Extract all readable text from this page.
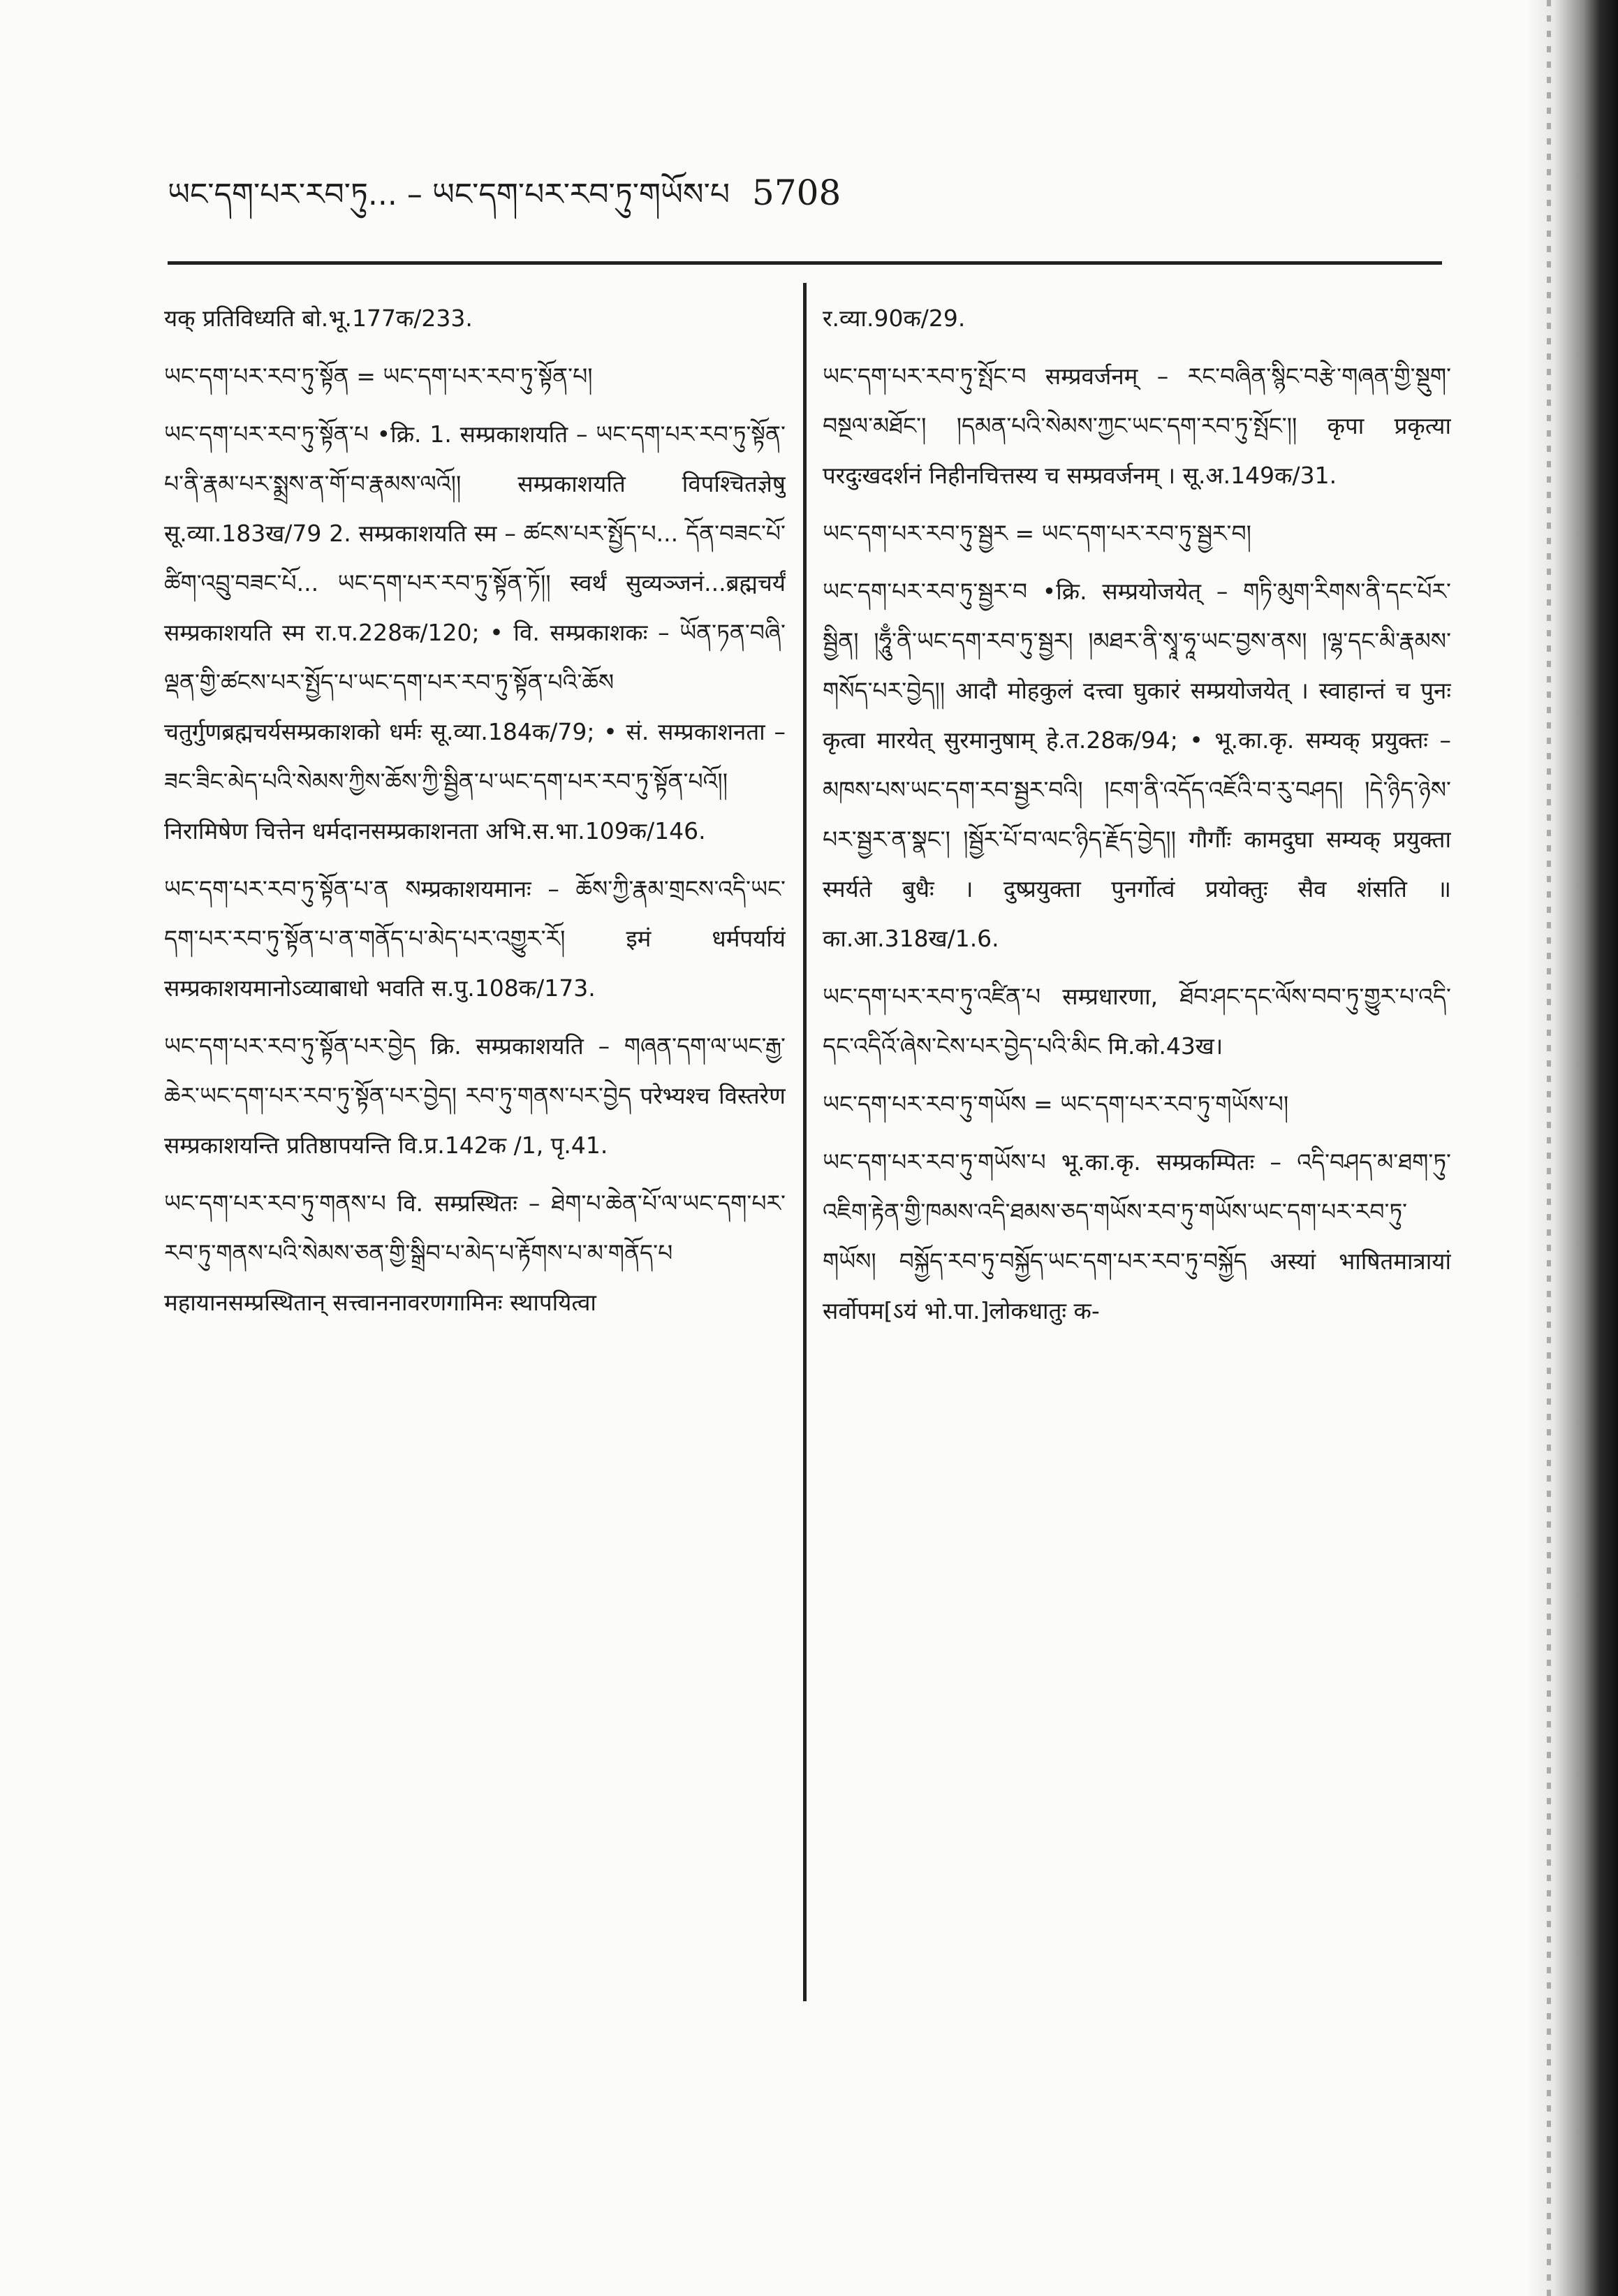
ཡང་དག་པར་རབ་ཏུ... – ཡང་དག་པར་རབ་ཏུ་གཡོས་པ 5708

यक् प्रतिविध्यति बो.भू.177क/233.

ཡང་དག་པར་རབ་ཏུ་སྟོན = ཡང་དག་པར་རབ་ཏུ་སྟོན་པ།

ཡང་དག་པར་རབ་ཏུ་སྟོན་པ •क्रि. 1. सम्प्रकाशयति – ཡང་དག་པར་རབ་ཏུ་སྟོན་པ་ནི་རྣམ་པར་སྨྲས་ན་གོ་བ་རྣམས་ལའོ།། सम्प्रकाशयति विपश्चितज्ञेषु सू.व्या.183ख/79 2. सम्प्रकाशयति स्म – ཚངས་པར་སྤྱོད་པ... དོན་བཟང་པོ་ཚིག་འབྲུ་བཟང་པོ... ཡང་དག་པར་རབ་ཏུ་སྟོན་ཏོ།། स्वर्थं सुव्यञ्जनं...ब्रह्मचर्यं सम्प्रकाशयति स्म रा.प.228क/120; • वि. सम्प्रकाशकः – ཡོན་ཏན་བཞི་ལྡན་གྱི་ཚངས་པར་སྤྱོད་པ་ཡང་དག་པར་རབ་ཏུ་སྟོན་པའི་ཆོས चतुर्गुणब्रह्मचर्यसम्प्रकाशको धर्मः सू.व्या.184क/79; • सं. सम्प्रकाशनता – ཟང་ཟིང་མེད་པའི་སེམས་ཀྱིས་ཆོས་ཀྱི་སྦྱིན་པ་ཡང་དག་པར་རབ་ཏུ་སྟོན་པའོ།། निरामिषेण चित्तेन धर्मदानसम्प्रकाशनता अभि.स.भा.109क/146.

ཡང་དག་པར་རབ་ཏུ་སྟོན་པ་ན སम्प्रकाशयमानः – ཆོས་ཀྱི་རྣམ་གྲངས་འདི་ཡང་དག་པར་རབ་ཏུ་སྟོན་པ་ན་གནོད་པ་མེད་པར་འགྱུར་རོ། इमं धर्मपर्यायं सम्प्रकाशयमानोऽव्याबाधो भवति स.पु.108क/173.

ཡང་དག་པར་རབ་ཏུ་སྟོན་པར་བྱེད क्रि. सम्प्रकाशयति – གཞན་དག་ལ་ཡང་རྒྱ་ཆེར་ཡང་དག་པར་རབ་ཏུ་སྟོན་པར་བྱེད། རབ་ཏུ་གནས་པར་བྱེད परेभ्यश्च विस्तरेण सम्प्रकाशयन्ति प्रतिष्ठापयन्ति वि.प्र.142क /1, पृ.41.

ཡང་དག་པར་རབ་ཏུ་གནས་པ वि. सम्प्रस्थितः – ཐེག་པ་ཆེན་པོ་ལ་ཡང་དག་པར་རབ་ཏུ་གནས་པའི་སེམས་ཅན་གྱི་སྒྲིབ་པ་མེད་པ་རྟོགས་པ་མ་གནོད་པ महायानसम्प्रस्थितान् सत्त्वाननावरणगामिनः स्थापयित्वा

र.व्या.90क/29.

ཡང་དག་པར་རབ་ཏུ་སྤོང་བ सम्प्रवर्जनम् – རང་བཞིན་སྙིང་བརྩེ་གཞན་གྱི་སྡུག་བསྔལ་མཐོང་། །དམན་པའི་སེམས་ཀྱང་ཡང་དག་རབ་ཏུ་སྤོང་།། कृपा प्रकृत्या परदुःखदर्शनं निहीनचित्तस्य च सम्प्रवर्जनम् । सू.अ.149क/31.

ཡང་དག་པར་རབ་ཏུ་སྦྱར = ཡང་དག་པར་རབ་ཏུ་སྦྱར་བ།

ཡང་དག་པར་རབ་ཏུ་སྦྱར་བ •क्रि. सम्प्रयोजयेत् – གཏི་མུག་རིགས་ནི་དང་པོར་སྦྱིན། །ཧཱུྃ་ནི་ཡང་དག་རབ་ཏུ་སྦྱར། །མཐར་ནི་སྭཱ་ཧཱ་ཡང་བྱས་ནས། །ལྷ་དང་མི་རྣམས་གསོད་པར་བྱེད།། आदौ मोहकुलं दत्त्वा घुकारं सम्प्रयोजयेत् । स्वाहान्तं च पुनः कृत्वा मारयेत् सुरमानुषाम् हे.त.28क/94; • भू.का.कृ. सम्यक् प्रयुक्तः – མཁས་པས་ཡང་དག་རབ་སྦྱར་བའི། །ངག་ནི་འདོད་འཇོའི་བ་རུ་བཤད། །དེ་ཉིད་ཉེས་པར་སྦྱར་ན་སྣང་། །སྦྱོར་པོ་བ་ལང་ཉིད་རྗོད་བྱེད།། गौर्गौः कामदुघा सम्यक् प्रयुक्ता स्मर्यते बुधैः । दुष्प्रयुक्ता पुनर्गोत्वं प्रयोक्तुः सैव शंसति ॥ का.आ.318ख/1.6.

ཡང་དག་པར་རབ་ཏུ་འཛིན་པ सम्प्रधारणा, ཐོབ་ཤང་དང་ལོས་བབ་ཏུ་གྱུར་པ་འདི་དང་འདིའོ་ཞེས་ངེས་པར་བྱེད་པའི་མིང मि.को.43ख।

ཡང་དག་པར་རབ་ཏུ་གཡོས = ཡང་དག་པར་རབ་ཏུ་གཡོས་པ།

ཡང་དག་པར་རབ་ཏུ་གཡོས་པ भू.का.कृ. सम्प्रकम्पितः – འདི་བཤད་མ་ཐག་ཏུ་འཇིག་རྟེན་གྱི་ཁམས་འདི་ཐམས་ཅད་གཡོས་རབ་ཏུ་གཡོས་ཡང་དག་པར་རབ་ཏུ་གཡོས། བསྐྱོད་རབ་ཏུ་བསྐྱོད་ཡང་དག་པར་རབ་ཏུ་བསྐྱོད अस्यां भाषितमात्रायां सर्वोपम[ऽयं भो.पा.]लोकधातुः क-
